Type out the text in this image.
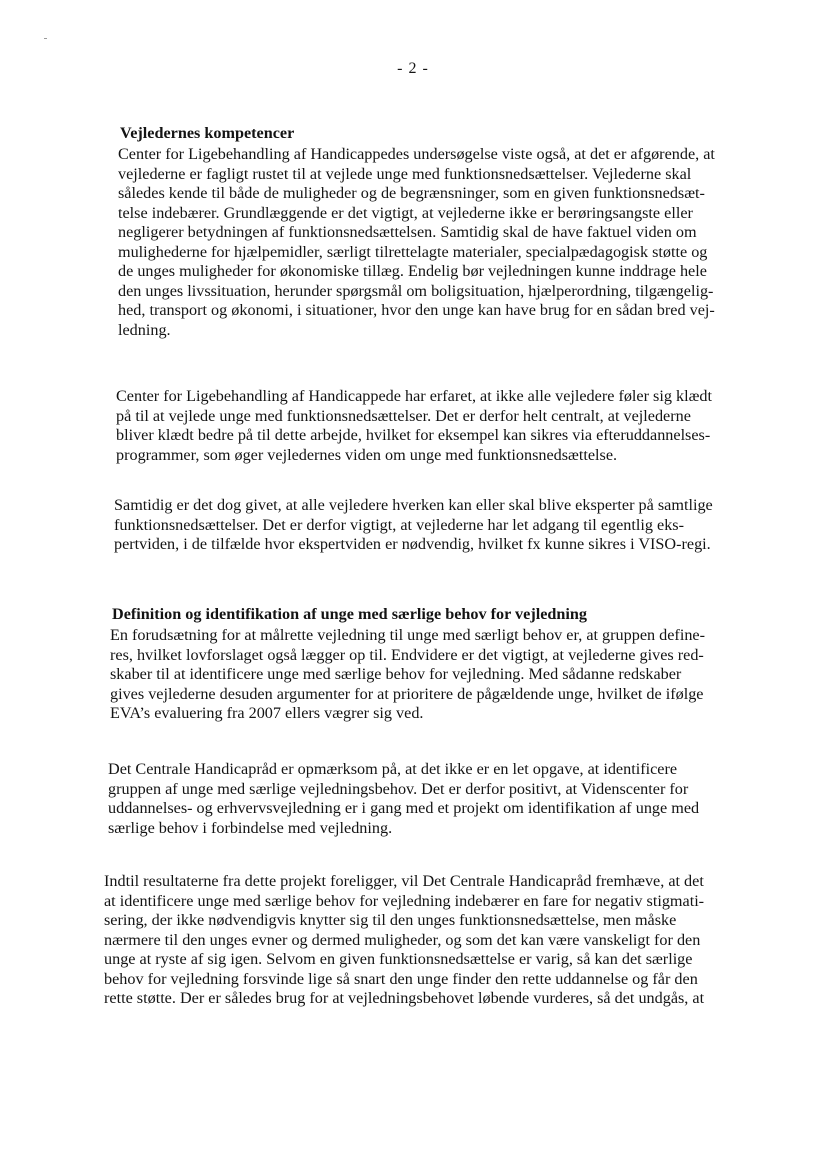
- 2 -
Vejledernes kompetencer
Center for Ligebehandling af Handicappedes undersøgelse viste også, at det er afgørende, at
vejlederne er fagligt rustet til at vejlede unge med funktionsnedsættelser. Vejlederne skal
således kende til både de muligheder og de begrænsninger, som en given funktionsnedsæt-
telse indebærer. Grundlæggende er det vigtigt, at vejlederne ikke er berøringsangste eller
negligerer betydningen af funktionsnedsættelsen. Samtidig skal de have faktuel viden om
mulighederne for hjælpemidler, særligt tilrettelagte materialer, specialpædagogisk støtte og
de unges muligheder for økonomiske tillæg. Endelig bør vejledningen kunne inddrage hele
den unges livssituation, herunder spørgsmål om boligsituation, hjælperordning, tilgængelig-
hed, transport og økonomi, i situationer, hvor den unge kan have brug for en sådan bred vej-
ledning.
Center for Ligebehandling af Handicappede har erfaret, at ikke alle vejledere føler sig klædt
på til at vejlede unge med funktionsnedsættelser. Det er derfor helt centralt, at vejlederne
bliver klædt bedre på til dette arbejde, hvilket for eksempel kan sikres via efteruddannelses-
programmer, som øger vejledernes viden om unge med funktionsnedsættelse.
Samtidig er det dog givet, at alle vejledere hverken kan eller skal blive eksperter på samtlige
funktionsnedsættelser. Det er derfor vigtigt, at vejlederne har let adgang til egentlig eks-
pertviden, i de tilfælde hvor ekspertviden er nødvendig, hvilket fx kunne sikres i VISO-regi.
Definition og identifikation af unge med særlige behov for vejledning
En forudsætning for at målrette vejledning til unge med særligt behov er, at gruppen define-
res, hvilket lovforslaget også lægger op til. Endvidere er det vigtigt, at vejlederne gives red-
skaber til at identificere unge med særlige behov for vejledning. Med sådanne redskaber
gives vejlederne desuden argumenter for at prioritere de pågældende unge, hvilket de ifølge
EVA’s evaluering fra 2007 ellers vægrer sig ved.
Det Centrale Handicapråd er opmærksom på, at det ikke er en let opgave, at identificere
gruppen af unge med særlige vejledningsbehov. Det er derfor positivt, at Videnscenter for
uddannelses- og erhvervsvejledning er i gang med et projekt om identifikation af unge med
særlige behov i forbindelse med vejledning.
Indtil resultaterne fra dette projekt foreligger, vil Det Centrale Handicapråd fremhæve, at det
at identificere unge med særlige behov for vejledning indebærer en fare for negativ stigmati-
sering, der ikke nødvendigvis knytter sig til den unges funktionsnedsættelse, men måske
nærmere til den unges evner og dermed muligheder, og som det kan være vanskeligt for den
unge at ryste af sig igen. Selvom en given funktionsnedsættelse er varig, så kan det særlige
behov for vejledning forsvinde lige så snart den unge finder den rette uddannelse og får den
rette støtte. Der er således brug for at vejledningsbehovet løbende vurderes, så det undgås, at
